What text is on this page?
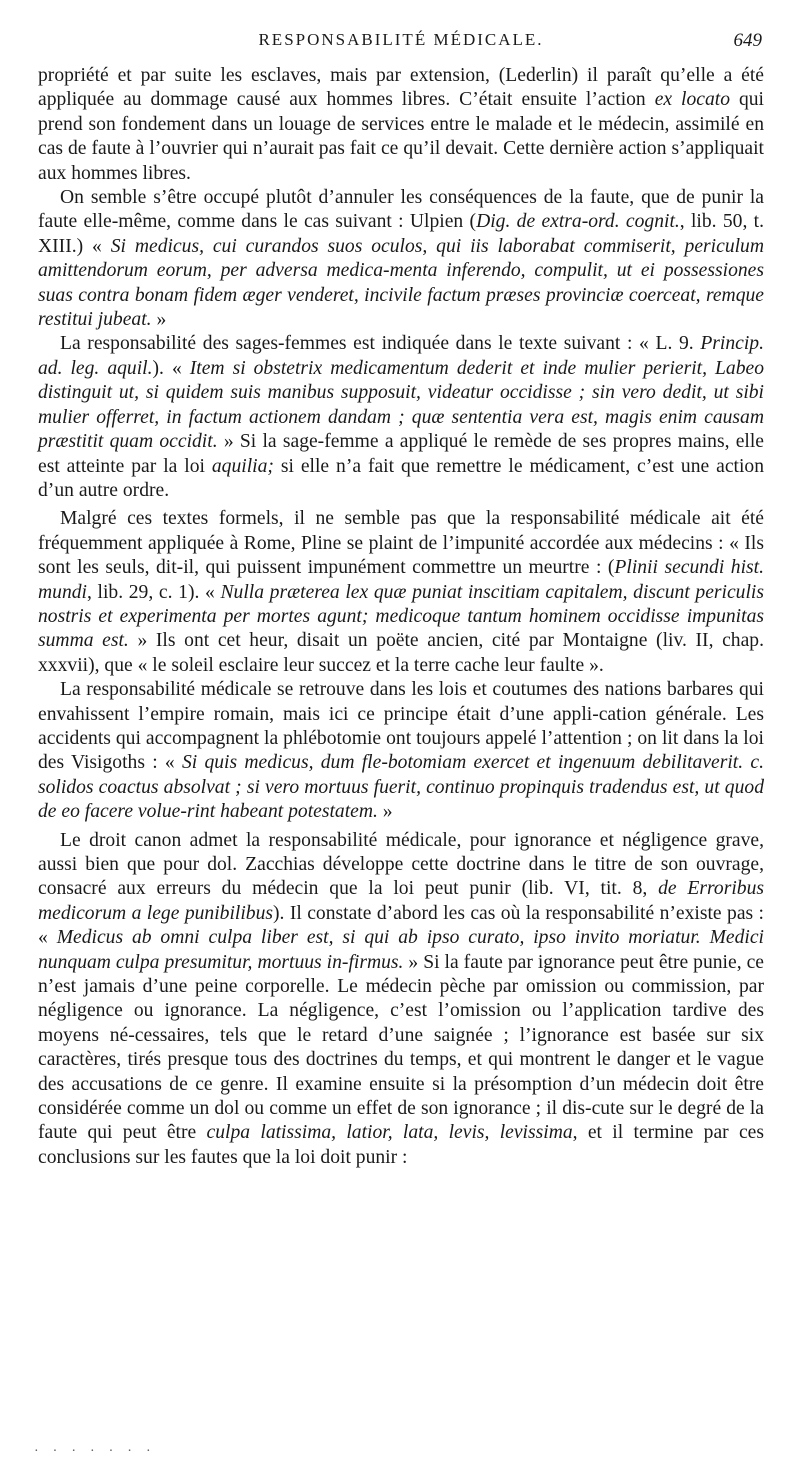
RESPONSABILITÉ MÉDICALE.	649

propriété et par suite les esclaves, mais par extension, (Lederlin) il paraît qu’elle a été appliquée au dommage causé aux hommes libres. C’était ensuite l’action ex locato qui prend son fondement dans un louage de services entre le malade et le médecin, assimilé en cas de faute à l’ouvrier qui n’aurait pas fait ce qu’il devait. Cette dernière action s’appliquait aux hommes libres.

On semble s’être occupé plutôt d’annuler les conséquences de la faute, que de punir la faute elle-même, comme dans le cas suivant : Ulpien (Dig. de extra-ord. cognit., lib. 50, t. XIII.) « Si medicus, cui curandos suos oculos, qui iis laborabat commiserit, periculum amittendorum eorum, per adversa medica-menta inferendo, compulit, ut ei possessiones suas contra bonam fidem æger venderet, incivile factum præses provinciæ coerceat, remque restitui jubeat. »

La responsabilité des sages-femmes est indiquée dans le texte suivant : « L. 9. Princip. ad. leg. aquil.). « Item si obstetrix medicamentum dederit et inde mulier perierit, Labeo distinguit ut, si quidem suis manibus supposuit, videatur occidisse ; sin vero dedit, ut sibi mulier offerret, in factum actionem dandam ; quæ sententia vera est, magis enim causam præstitit quam occidit. » Si la sage-femme a appliqué le remède de ses propres mains, elle est atteinte par la loi aquilia; si elle n’a fait que remettre le médicament, c’est une action d’un autre ordre.

Malgré ces textes formels, il ne semble pas que la responsabilité médicale ait été fréquemment appliquée à Rome, Pline se plaint de l’impunité accordée aux médecins : « Ils sont les seuls, dit-il, qui puissent impunément commettre un meurtre : (Plinii secundi hist. mundi, lib. 29, c. 1). « Nulla præterea lex quæ puniat inscitiam capitalem, discunt periculis nostris et experimenta per mortes agunt; medicoque tantum hominem occidisse impunitas summa est. » Ils ont cet heur, disait un poëte ancien, cité par Montaigne (liv. II, chap. xxxvii), que « le soleil esclaire leur succez et la terre cache leur faulte ».

La responsabilité médicale se retrouve dans les lois et coutumes des nations barbares qui envahissent l’empire romain, mais ici ce principe était d’une appli-cation générale. Les accidents qui accompagnent la phlébotomie ont toujours appelé l’attention ; on lit dans la loi des Visigoths : « Si quis medicus, dum fle-botomiam exercet et ingenuum debilitaverit. c. solidos coactus absolvat ; si vero mortuus fuerit, continuo propinquis tradendus est, ut quod de eo facere volue-rint habeant potestatem. »

Le droit canon admet la responsabilité médicale, pour ignorance et négligence grave, aussi bien que pour dol. Zacchias développe cette doctrine dans le titre de son ouvrage, consacré aux erreurs du médecin que la loi peut punir (lib. VI, tit. 8, de Erroribus medicorum a lege punibilibus). Il constate d’abord les cas où la responsabilité n’existe pas : « Medicus ab omni culpa liber est, si qui ab ipso curato, ipso invito moriatur. Medici nunquam culpa presumitur, mortuus in-firmus. » Si la faute par ignorance peut être punie, ce n’est jamais d’une peine corporelle. Le médecin pèche par omission ou commission, par négligence ou ignorance. La négligence, c’est l’omission ou l’application tardive des moyens né-cessaires, tels que le retard d’une saignée ; l’ignorance est basée sur six caractères, tirés presque tous des doctrines du temps, et qui montrent le danger et le vague des accusations de ce genre. Il examine ensuite si la présomption d’un médecin doit être considérée comme un dol ou comme un effet de son ignorance ; il dis-cute sur le degré de la faute qui peut être culpa latissima, latior, lata, levis, levissima, et il termine par ces conclusions sur les fautes que la loi doit punir :

·······
